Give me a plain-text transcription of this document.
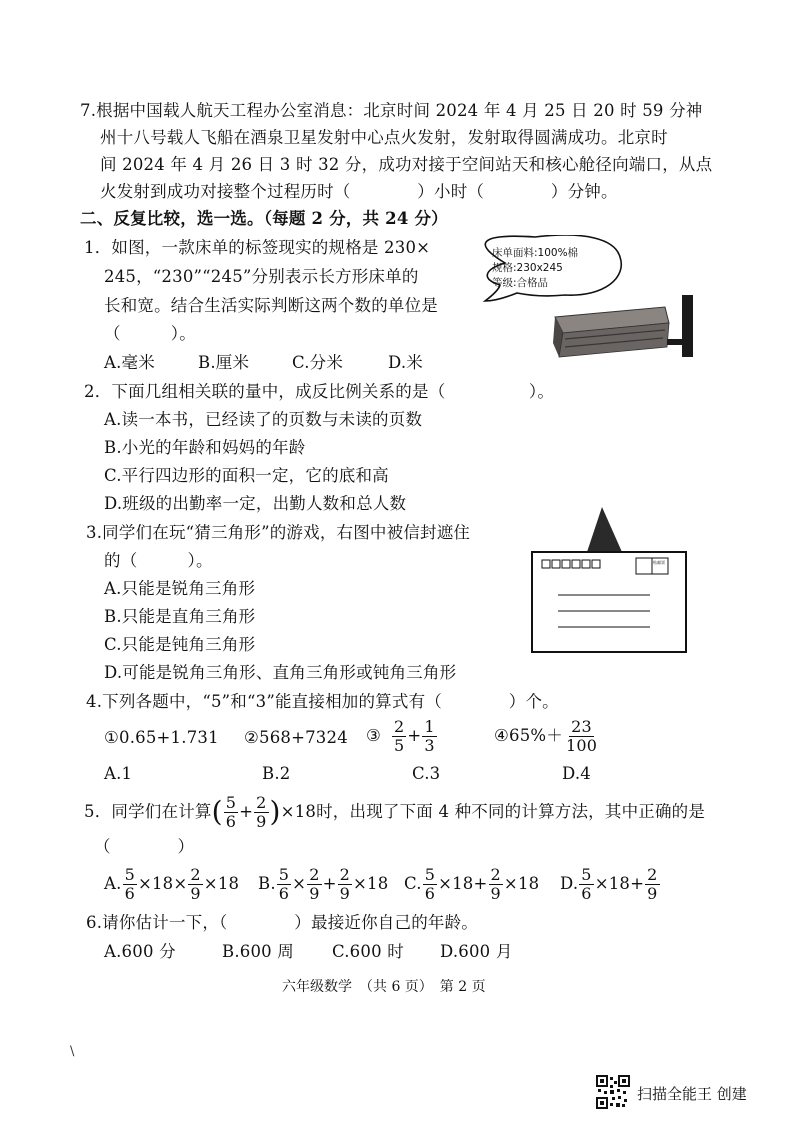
7.根据中国载人航天工程办公室消息：北京时间 2024 年 4 月 25 日 20 时 59 分神
州十八号载人飞船在酒泉卫星发射中心点火发射，发射取得圆满成功。北京时
间 2024 年 4 月 26 日 3 时 32 分，成功对接于空间站天和核心舱径向端口，从点
火发射到成功对接整个过程历时（　　　　）小时（　　　　）分钟。
二、反复比较，选一选。（每题 2 分，共 24 分）
1．如图，一款床单的标签现实的规格是 230×
245，“230”“245”分别表示长方形床单的
长和宽。结合生活实际判断这两个数的单位是
（　　　）。
A.毫米	B.厘米	C.分米	D.米
床单面料:100%棉
规格:230x245
等级:合格品
2．下面几组相关联的量中，成反比例关系的是（　　　　　）。
A.读一本书，已经读了的页数与未读的页数
B.小光的年龄和妈妈的年龄
C.平行四边形的面积一定，它的底和高
D.班级的出勤率一定，出勤人数和总人数
3.同学们在玩“猜三角形”的游戏，右图中被信封遮住
的（　　　）。
A.只能是锐角三角形
B.只能是直角三角形
C.只能是钝角三角形
D.可能是锐角三角形、直角三角形或钝角三角形
贴邮票
4.下列各题中，“5”和“3”能直接相加的算式有（　　　　）个。
①0.65+1.731 ②568+7324 ③ $\frac{2}{5} + \frac{1}{3}$	④65%＋ $\frac{23}{100}$
A.1	B.2	C.3	D.4
5．同学们在计算 ( $\frac{5}{6} + \frac{2}{9}$ ) ×18时，出现了下面 4 种不同的计算方法，其中正确的是
（　　　　）
A. $\frac{5}{6} \times 18\times \frac{2}{9} \times 18$ B. $\frac{5}{6} \times \frac{2}{9} + \frac{2}{9} \times 18$ C. $\frac{5}{6} \times 18+ \frac{2}{9} \times 18$ D. $\frac{5}{6} \times 18+ \frac{2}{9}$
6.请你估计一下，（　　　　）最接近你自己的年龄。
A.600 分	B.600 周 C.600 时 D.600 月
六年级数学　（共 6 页）　第 2 页
\
扫描全能王 创建
